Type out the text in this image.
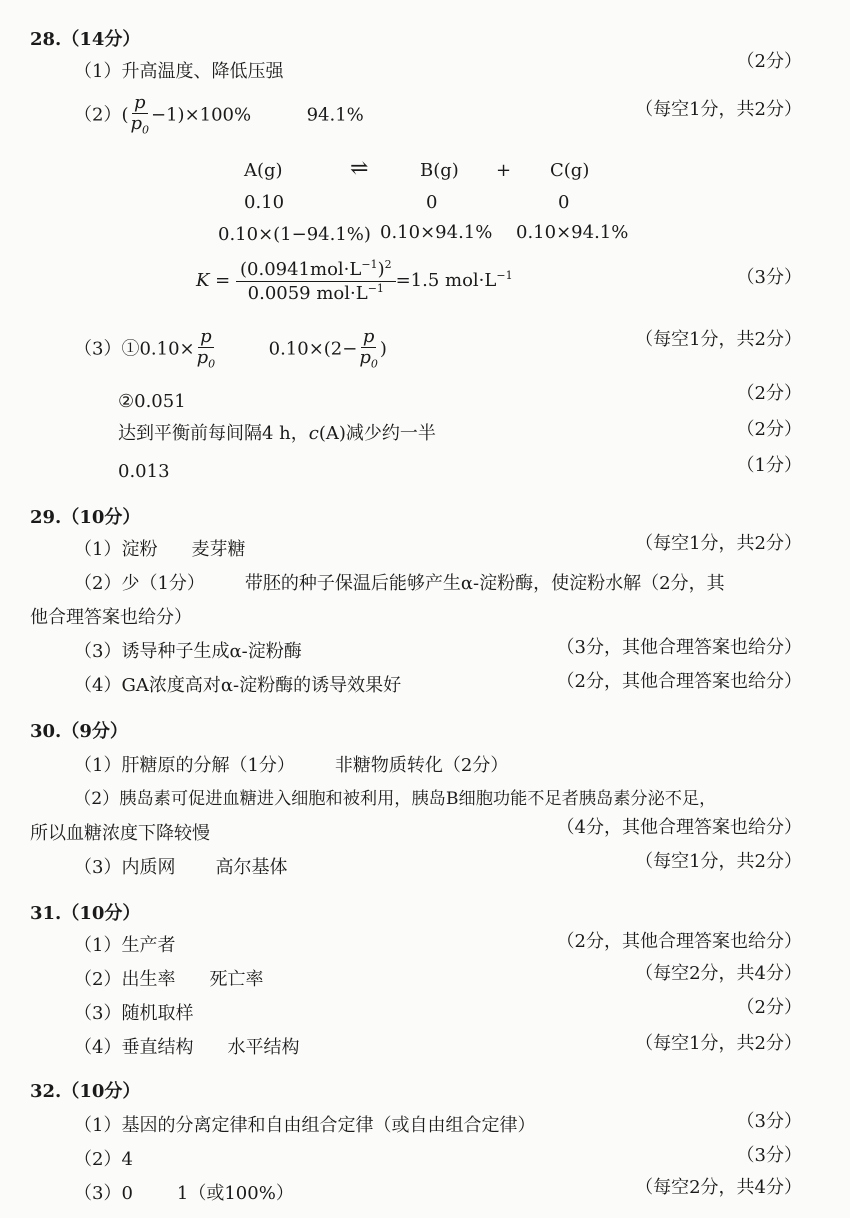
28.（14分）
（1）升高温度、降低压强	（2分）
$(2)( \frac{p}{p_0} -1)\times 100\%$	94.1%	（每空1分，共2分）
A(g)	⇌	B(g) + C(g)
0.10	0	0
0.10×(1−94.1%) 0.10×94.1% 0.10×94.1%
K =
$(0.0941mol\cdot L^{-1})^2$
0.0059 $mol\cdot L^{-1} =1.5$ $mol\cdot L^{-1}$	（3分）
（3）①0.10× $\frac{p}{p_0}$	$0.10\times(2- \frac{p}{p_0}$ )	（每空1分，共2分）
②0.051	（2分）
达到平衡前每间隔4 h，c(A)减少约一半	（2分）
0.013	（1分）
29.（10分）
（1）淀粉 麦芽糖	（每空1分，共2分）
（2）少（1分） 带胚的种子保温后能够产生α-淀粉酶，使淀粉水解（2分，其
他合理答案也给分）
（3）诱导种子生成α-淀粉酶	（3分，其他合理答案也给分）
（4）GA浓度高对α-淀粉酶的诱导效果好	（2分，其他合理答案也给分）
30.（9分）
（1）肝糖原的分解（1分） 非糖物质转化（2分）
（2）胰岛素可促进血糖进入细胞和被利用，胰岛B细胞功能不足者胰岛素分泌不足，
所以血糖浓度下降较慢	（4分，其他合理答案也给分）
（3）内质网 高尔基体	（每空1分，共2分）
31.（10分）
（1）生产者	（2分，其他合理答案也给分）
（2）出生率 死亡率	（每空2分，共4分）
（3）随机取样	（2分）
（4）垂直结构 水平结构	（每空1分，共2分）
32.（10分）
（1）基因的分离定律和自由组合定律（或自由组合定律）	（3分）
（2）4	（3分）
（3）0 1（或100%）	（每空2分，共4分）
